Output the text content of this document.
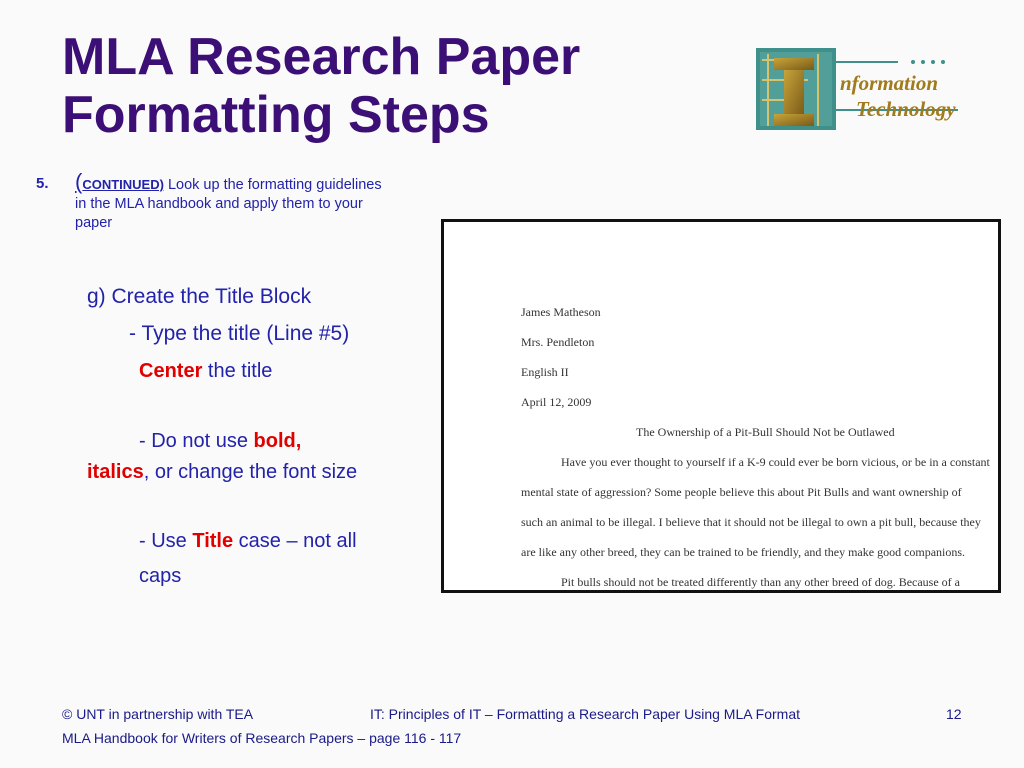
MLA Research Paper
Formatting Steps
nformation
Technology
I
5. (CONTINUED) Look up the formatting guidelines in the MLA handbook and apply them to your paper
g) Create the Title Block
- Type the title (Line #5)
Center the title
- Do not use bold,
italics, or change the font size
- Use Title case – not all
caps
James Matheson
Mrs. Pendleton
English II
April 12, 2009
The Ownership of a Pit-Bull Should Not be Outlawed
Have you ever thought to yourself if a K-9 could ever be born vicious, or be in a constant
mental state of aggression? Some people believe this about Pit Bulls and want ownership of
such an animal to be illegal. I believe that it should not be illegal to own a pit bull, because they
are like any other breed, they can be trained to be friendly, and they make good companions.
Pit bulls should not be treated differently than any other breed of dog. Because of a
© UNT in partnership with TEA	IT: Principles of IT – Formatting a Research Paper Using MLA Format	12
MLA Handbook for Writers of Research Papers – page 116 - 117
